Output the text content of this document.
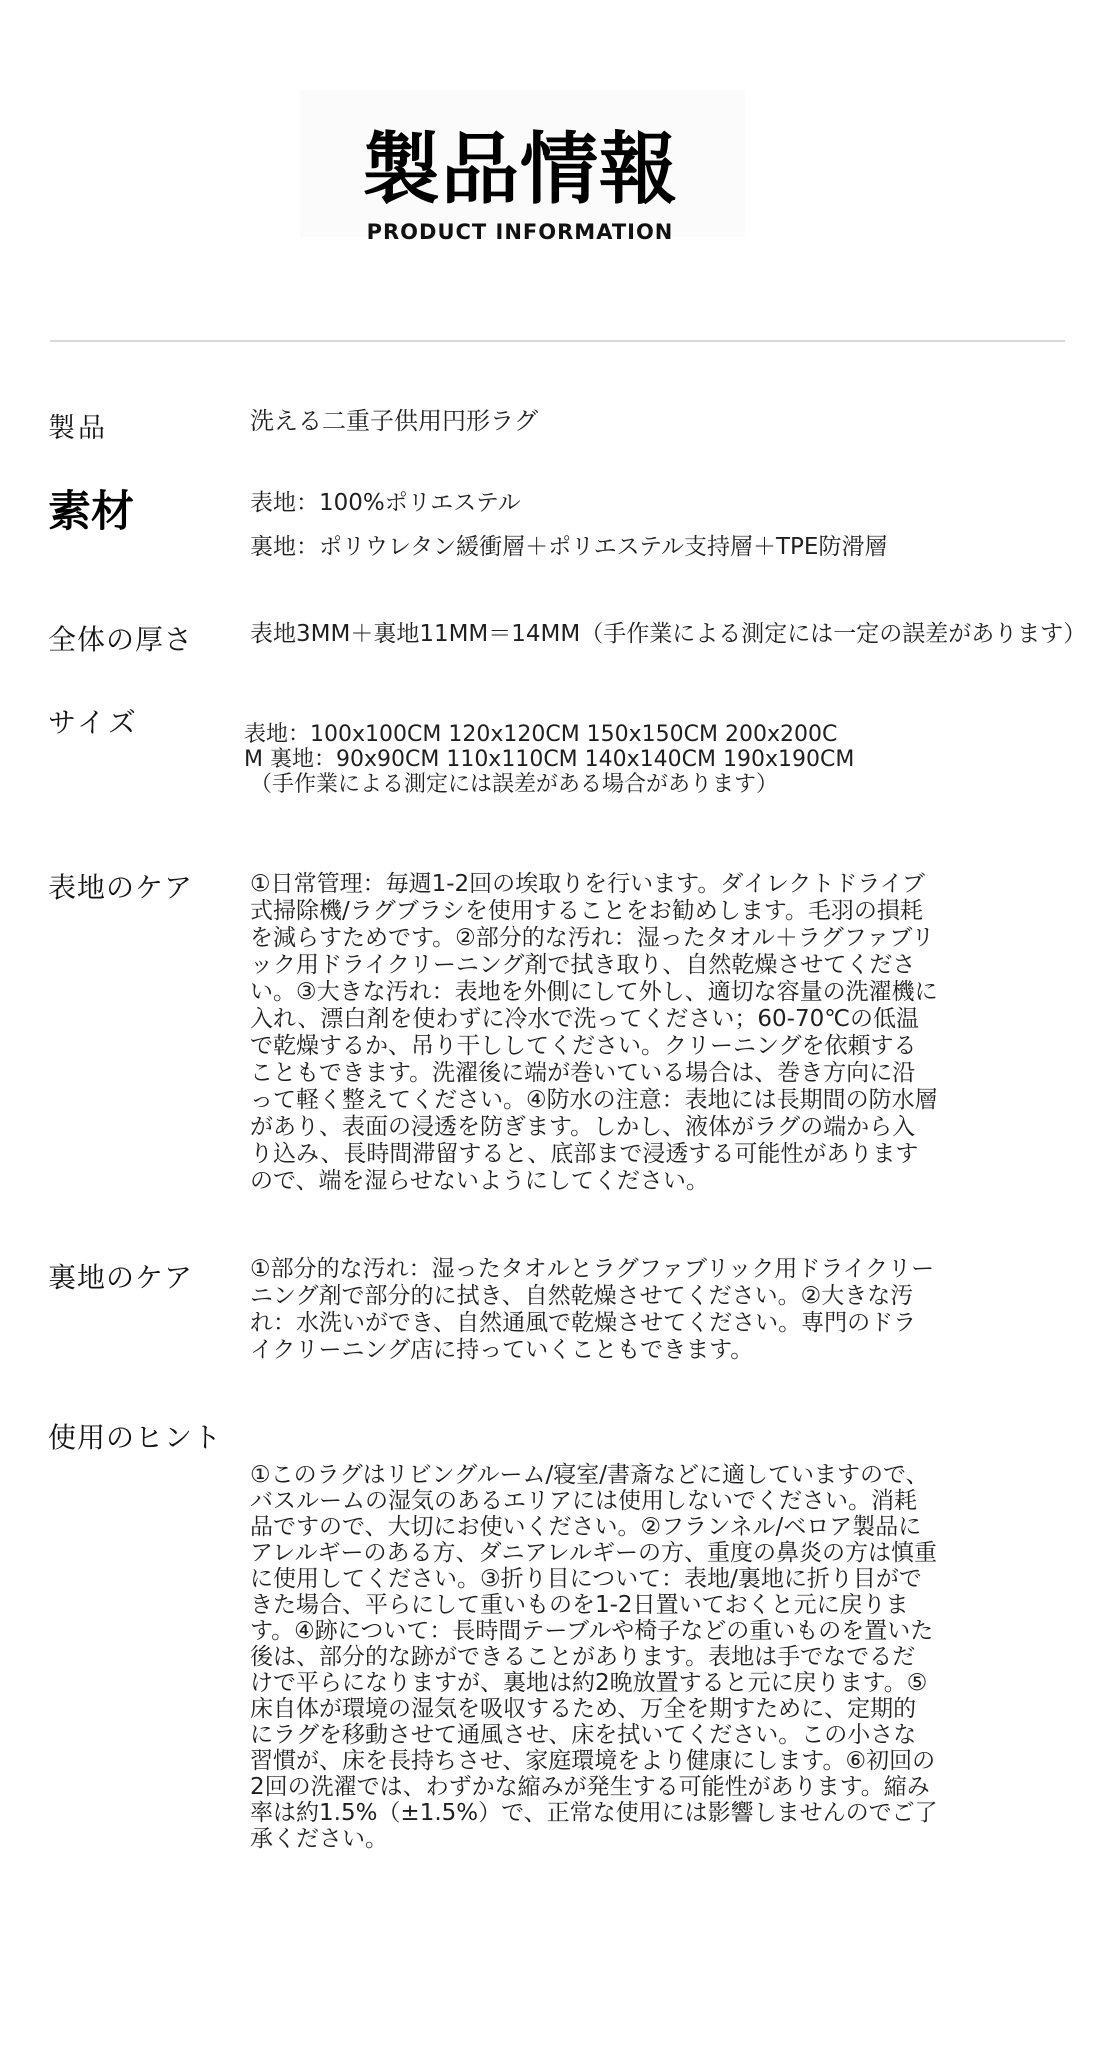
製品情報
PRODUCT INFORMATION
製品	洗える二重子供用円形ラグ
素材	表地：100%ポリエステル
裏地：ポリウレタン緩衝層＋ポリエステル支持層＋TPE防滑層
全体の厚さ 表地3MM＋裏地11MM＝14MM（手作業による測定には一定の誤差があります）
サイズ	表地：100x100CM 120x120CM 150x150CM 200x200C
M 裏地：90x90CM 110x110CM 140x140CM 190x190CM
（手作業による測定には誤差がある場合があります）
表地のケア ①日常管理：毎週1-2回の埃取りを行います。ダイレクトドライブ式掃除機/ラグブラシを使用することをお勧めします。毛羽の損耗を減らすためです。②部分的な汚れ：湿ったタオル＋ラグファブリック用ドライクリーニング剤で拭き取り、自然乾燥させてください。③大きな汚れ：表地を外側にして外し、適切な容量の洗濯機に入れ、漂白剤を使わずに冷水で洗ってください；60-70℃の低温で乾燥するか、吊り干ししてください。クリーニングを依頼することもできます。洗濯後に端が巻いている場合は、巻き方向に沿って軽く整えてください。④防水の注意：表地には長期間の防水層があり、表面の浸透を防ぎます。しかし、液体がラグの端から入り込み、長時間滞留すると、底部まで浸透する可能性がありますので、端を湿らせないようにしてください。
裏地のケア ①部分的な汚れ：湿ったタオルとラグファブリック用ドライクリーニング剤で部分的に拭き、自然乾燥させてください。②大きな汚れ：水洗いができ、自然通風で乾燥させてください。専門のドライクリーニング店に持っていくこともできます。
使用のヒント
①このラグはリビングルーム/寝室/書斎などに適していますので、バスルームの湿気のあるエリアには使用しないでください。消耗品ですので、大切にお使いください。②フランネル/ベロア製品にアレルギーのある方、ダニアレルギーの方、重度の鼻炎の方は慎重に使用してください。③折り目について：表地/裏地に折り目ができた場合、平らにして重いものを1-2日置いておくと元に戻ります。④跡について：長時間テーブルや椅子などの重いものを置いた後は、部分的な跡ができることがあります。表地は手でなでるだけで平らになりますが、裏地は約2晩放置すると元に戻ります。⑤床自体が環境の湿気を吸収するため、万全を期すために、定期的にラグを移動させて通風させ、床を拭いてください。この小さな習慣が、床を長持ちさせ、家庭環境をより健康にします。⑥初回の2回の洗濯では、わずかな縮みが発生する可能性があります。縮み率は約1.5%（±1.5%）で、正常な使用には影響しませんのでご了承ください。
